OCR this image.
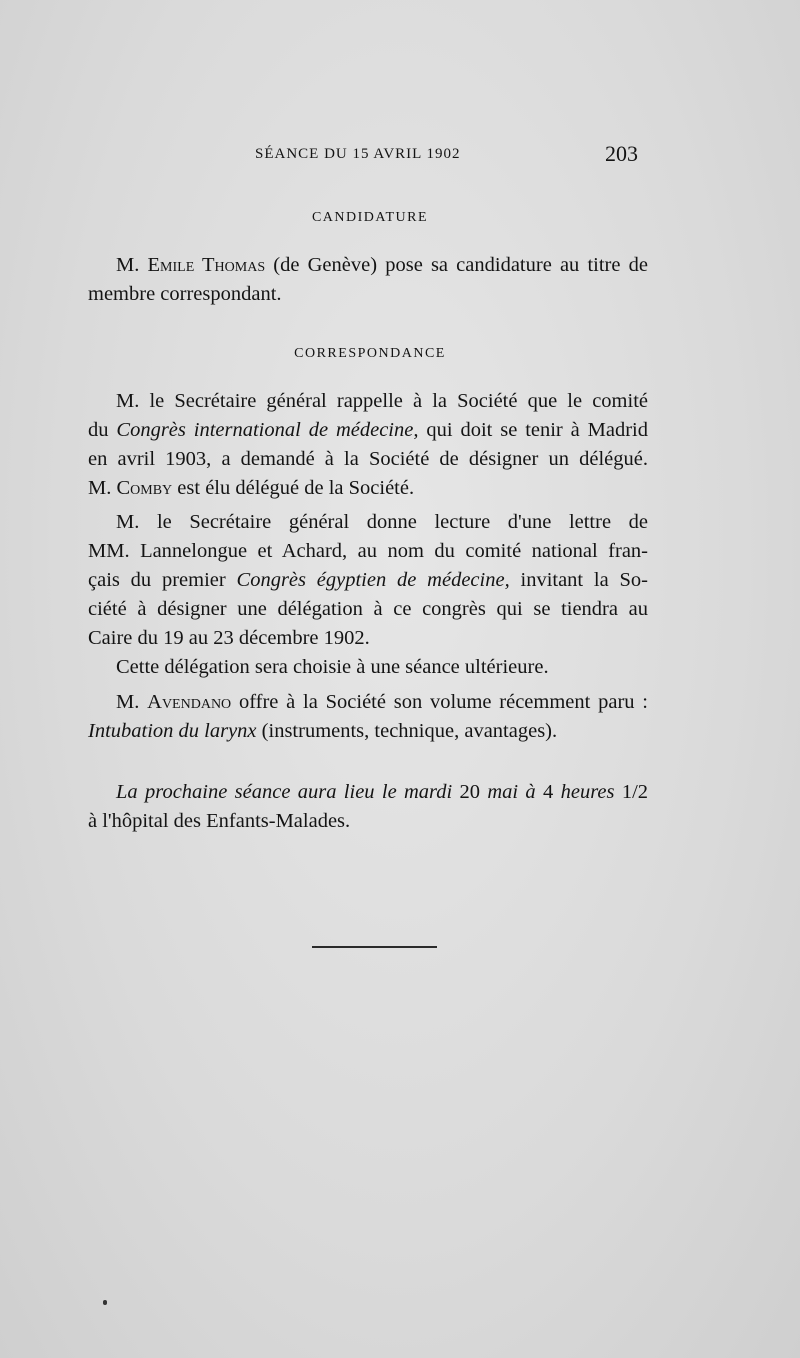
SÉANCE DU 15 AVRIL 1902	203
CANDIDATURE
M. Emile Thomas (de Genève) pose sa candidature au titre de
membre correspondant.
CORRESPONDANCE
M. le Secrétaire général rappelle à la Société que le comité
du Congrès international de médecine, qui doit se tenir à Madrid
en avril 1903, a demandé à la Société de désigner un délégué.
M. Comby est élu délégué de la Société.
M. le Secrétaire général donne lecture d'une lettre de
MM. Lannelongue et Achard, au nom du comité national fran-
çais du premier Congrès égyptien de médecine, invitant la So-
ciété à désigner une délégation à ce congrès qui se tiendra au
Caire du 19 au 23 décembre 1902.
Cette délégation sera choisie à une séance ultérieure.
M. Avendano offre à la Société son volume récemment paru :
Intubation du larynx (instruments, technique, avantages).
La prochaine séance aura lieu le mardi 20 mai à 4 heures 1/2
à l'hôpital des Enfants-Malades.
